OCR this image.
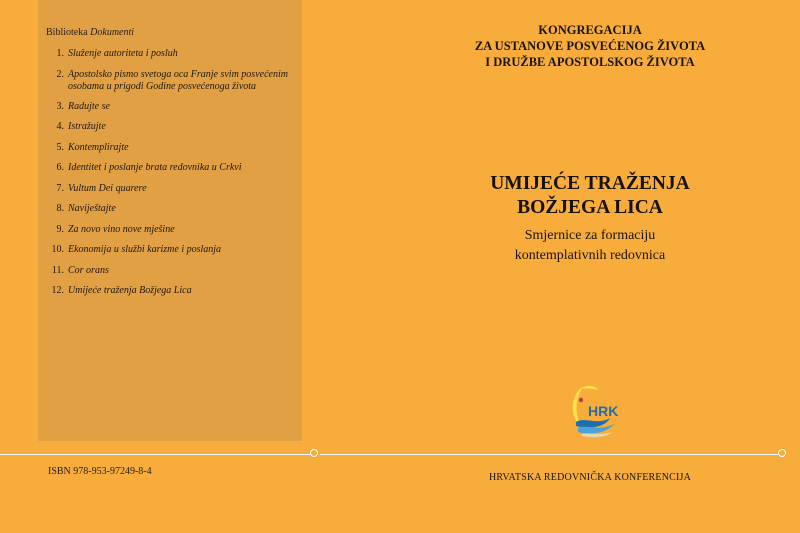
Biblioteka Dokumenti
1. Služenje autoriteta i posluh
2. Apostolsko pismo svetoga oca Franje svim posvećenim osobama u prigodi Godine posvećenoga života
3. Radujte se
4. Istražujte
5. Kontemplirajte
6. Identitet i poslanje brata redovnika u Crkvi
7. Vultum Dei quarere
8. Naviještajte
9. Za novo vino nove mješine
10. Ekonomija u službi karizme i poslanja
11. Cor orans
12. Umijeće traženja Božjega Lica
ISBN 978-953-97249-8-4
KONGREGACIJA
ZA USTANOVE POSVEĆENOG ŽIVOTA
I DRUŽBE APOSTOLSKOG ŽIVOTA
UMIJEĆE TRAŽENJA
BOŽJEGA LICA
Smjernice za formaciju
kontemplativnih redovnica
HRK
HRVATSKA REDOVNIČKA KONFERENCIJA
